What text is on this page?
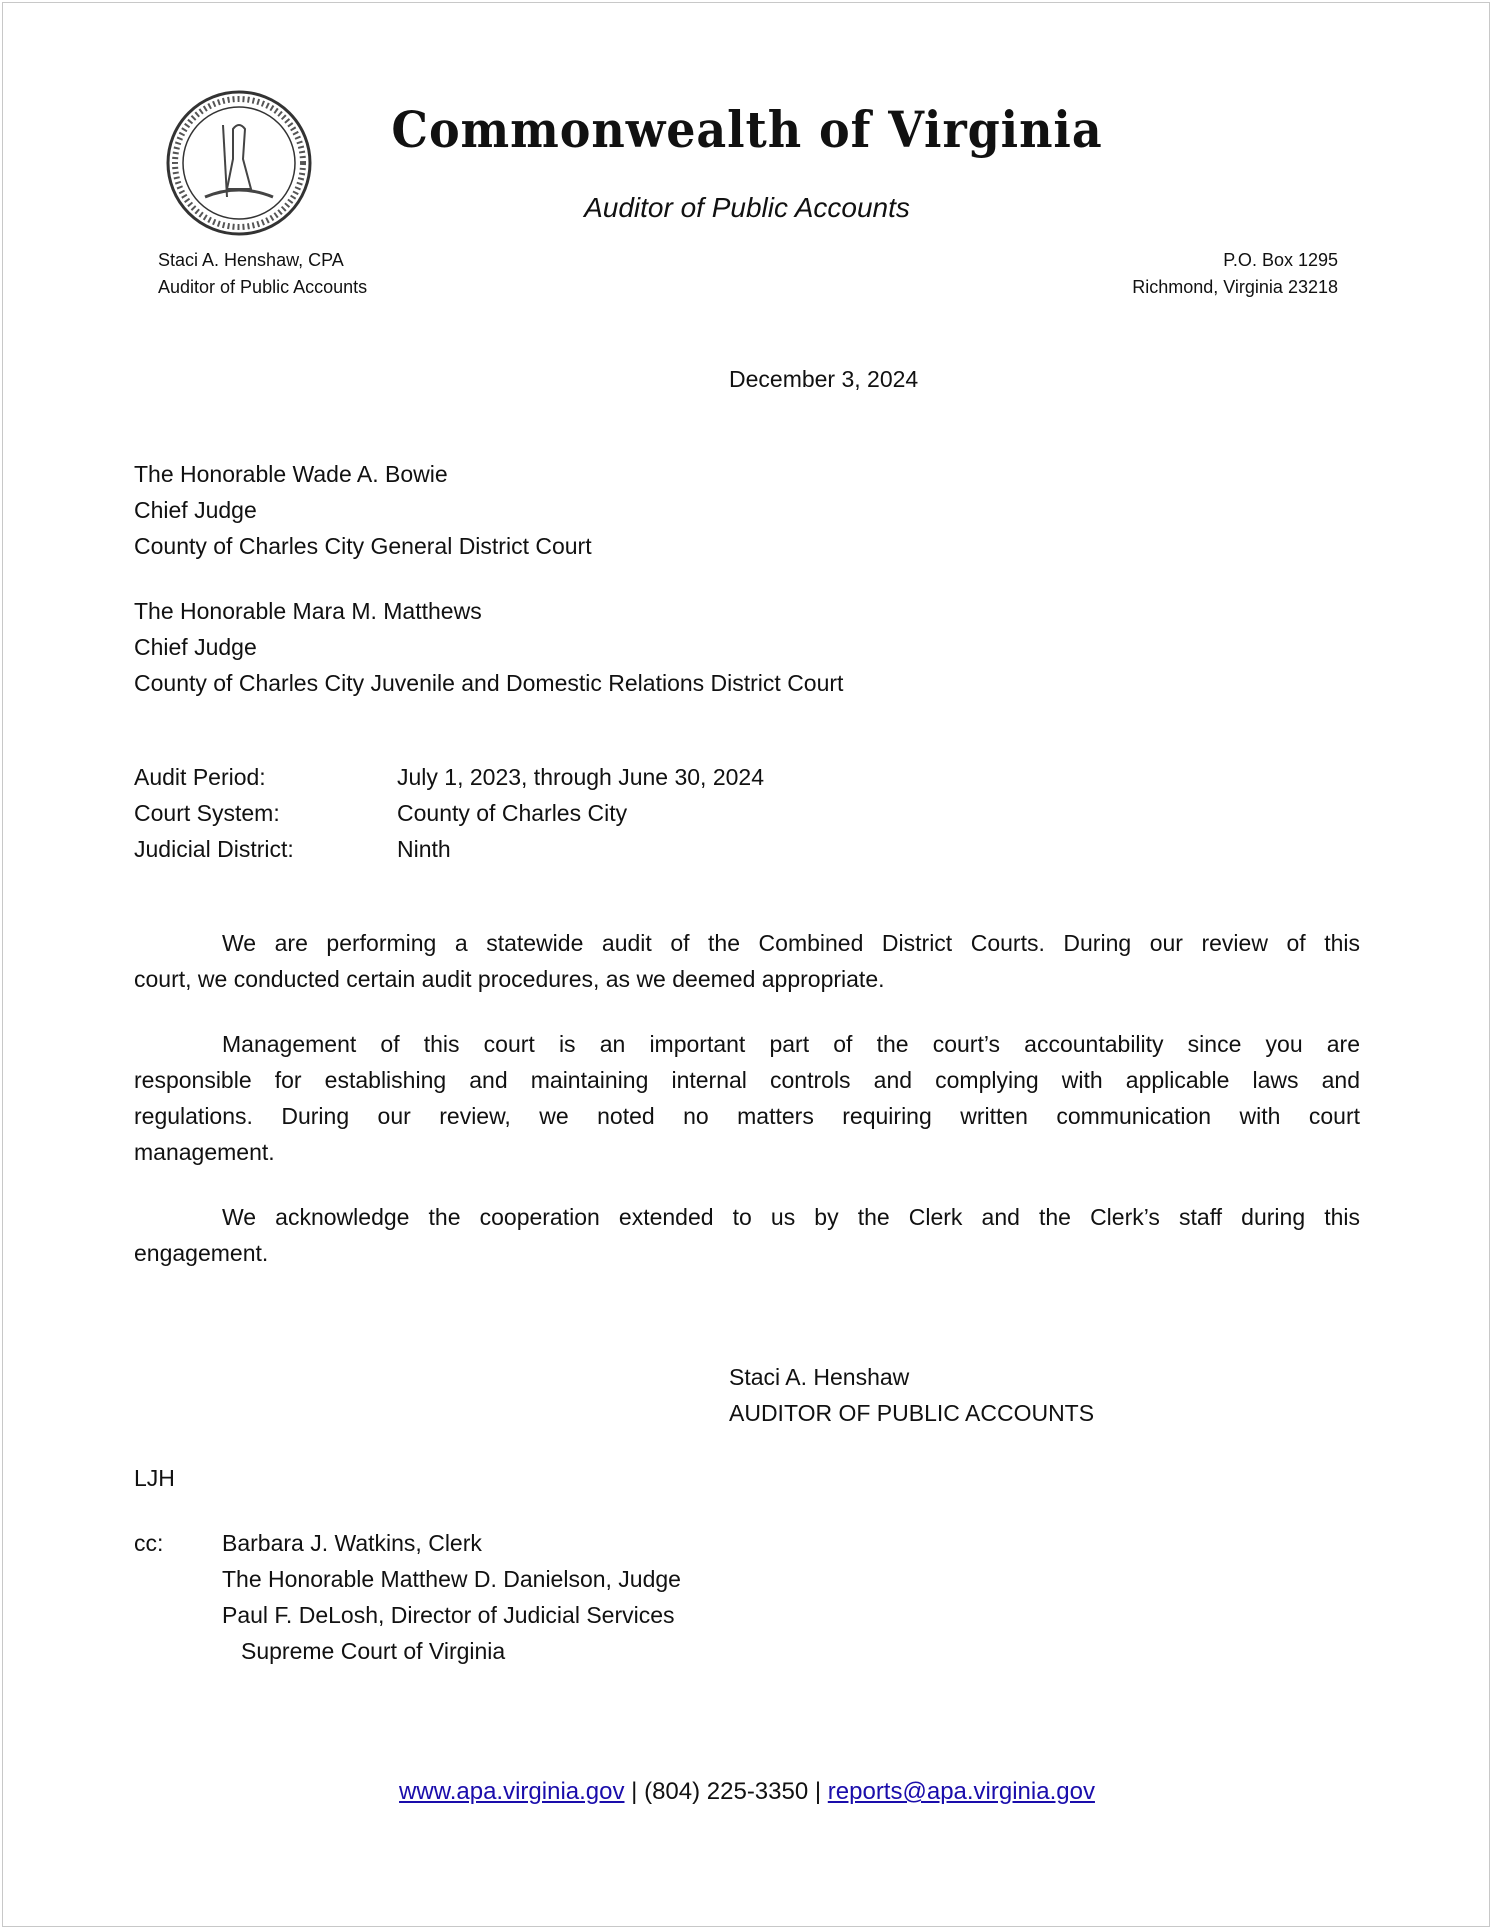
Commonwealth of Virginia
Auditor of Public Accounts
Staci A. Henshaw, CPA
Auditor of Public Accounts
P.O. Box 1295
Richmond, Virginia 23218
December 3, 2024
The Honorable Wade A. Bowie
Chief Judge
County of Charles City General District Court
The Honorable Mara M. Matthews
Chief Judge
County of Charles City Juvenile and Domestic Relations District Court
Audit Period:	July 1, 2023, through June 30, 2024
Court System:	County of Charles City
Judicial District:	Ninth
We are performing a statewide audit of the Combined District Courts. During our review of this
court, we conducted certain audit procedures, as we deemed appropriate.
Management of this court is an important part of the court’s accountability since you are
responsible for establishing and maintaining internal controls and complying with applicable laws and
regulations. During our review, we noted no matters requiring written communication with court
management.
We acknowledge the cooperation extended to us by the Clerk and the Clerk’s staff during this
engagement.
Staci A. Henshaw
AUDITOR OF PUBLIC ACCOUNTS
LJH
cc:	Barbara J. Watkins, Clerk
The Honorable Matthew D. Danielson, Judge
Paul F. DeLosh, Director of Judicial Services
Supreme Court of Virginia
www.apa.virginia.gov | (804) 225-3350 | reports@apa.virginia.gov
